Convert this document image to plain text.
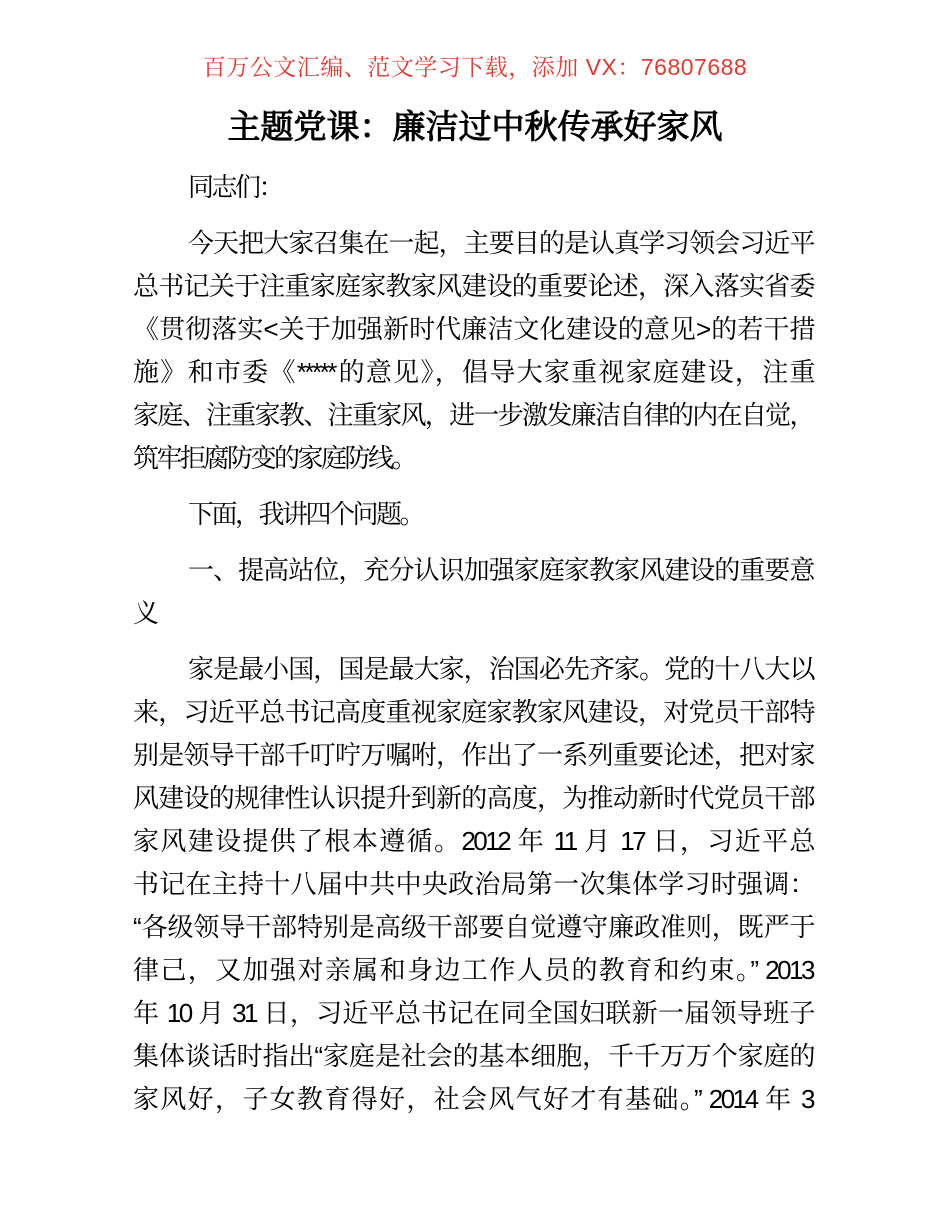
百万公文汇编、范文学习下载，添加 VX：76807688
主题党课：廉洁过中秋传承好家风
同志们：
今天把大家召集在一起，主要目的是认真学习领会习近平
总书记关于注重家庭家教家风建设的重要论述，深入落实省委
《贯彻落实<关于加强新时代廉洁文化建设的意见>的若干措
施》和市委《*****的意见》，倡导大家重视家庭建设，注重
家庭、注重家教、注重家风，进一步激发廉洁自律的内在自觉，
筑牢拒腐防变的家庭防线。
下面，我讲四个问题。
一、提高站位，充分认识加强家庭家教家风建设的重要意
义
家是最小国，国是最大家，治国必先齐家。党的十八大以
来，习近平总书记高度重视家庭家教家风建设，对党员干部特
别是领导干部千叮咛万嘱咐，作出了一系列重要论述，把对家
风建设的规律性认识提升到新的高度，为推动新时代党员干部
家风建设提供了根本遵循。2012 年 11 月 17 日，习近平总
书记在主持十八届中共中央政治局第一次集体学习时强调：
“各级领导干部特别是高级干部要自觉遵守廉政准则，既严于
律己，又加强对亲属和身边工作人员的教育和约束。” 2013
年 10 月 31 日，习近平总书记在同全国妇联新一届领导班子
集体谈话时指出“家庭是社会的基本细胞，千千万万个家庭的
家风好，子女教育得好，社会风气好才有基础。” 2014 年 3
